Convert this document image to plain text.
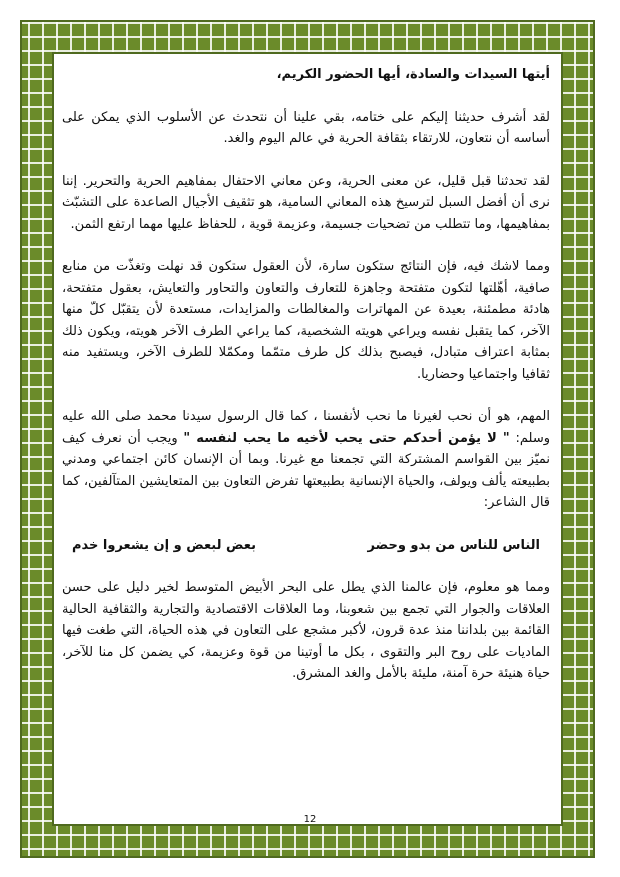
أيتها السيدات والسادة، أيها الحضور الكريم،

لقد أشرف حديثنا إليكم على ختامه، بقي علينا أن نتحدث عن الأسلوب الذي يمكن على أساسه أن نتعاون، للارتقاء بثقافة الحرية في عالم اليوم والغد.

لقد تحدثنا قبل قليل، عن معنى الحرية، وعن معاني الاحتفال بمفاهيم الحرية والتحرير. إننا نرى أن أفضل السبل لترسيخ هذه المعاني السامية، هو تثقيف الأجيال الصاعدة على التشبّث بمفاهيمها، وما تتطلب من تضحيات جسيمة، وعزيمة قوية ، للحفاظ عليها مهما ارتفع الثمن.

ومما لاشك فيه، فإن النتائج ستكون سارة، لأن العقول ستكون قد نهلت وتغذّت من منابع صافية، أهّلتها لتكون متفتحة وجاهزة للتعارف والتعاون والتحاور والتعايش، بعقول متفتحة، هادئة مطمئنة، بعيدة عن المهاترات والمغالطات والمزايدات، مستعدة لأن يتقبّل كلّ منها الآخر، كما يتقبل نفسه ويراعي هويته الشخصية، كما يراعي الطرف الآخر هويته، ويكون ذلك بمثابة اعتراف متبادل، فيصبح بذلك كل طرف متمّما ومكمّلا للطرف الآخر، ويستفيد منه ثقافيا واجتماعيا وحضاريا.

المهم، هو أن نحب لغيرنا ما نحب لأنفسنا ، كما قال الرسول سيدنا محمد صلى الله عليه وسلم: " لا يؤمن أحدكم حتى يحب لأخيه ما يحب لنفسه " ويجب أن نعرف كيف نميّز بين القواسم المشتركة التي تجمعنا مع غيرنا. وبما أن الإنسان كائن اجتماعي ومدني بطبيعته يألف ويولف، والحياة الإنسانية بطبيعتها تفرض التعاون بين المتعايشين المتآلفين، كما قال الشاعر:

الناس للناس من بدو وحضر
بعض لبعض و إن يشعروا خدم

ومما هو معلوم، فإن عالمنا الذي يطل على البحر الأبيض المتوسط لخير دليل على حسن العلاقات والجوار التي تجمع بين شعوبنا، وما العلاقات الاقتصادية والتجارية والثقافية الحالية القائمة بين بلداننا منذ عدة قرون، لأكبر مشجع على التعاون في هذه الحياة، التي طغت فيها الماديات على روح البر والتقوى ، بكل ما أوتينا من قوة وعزيمة، كي يضمن كل منا للآخر، حياة هنيئة حرة آمنة، مليئة بالأمل والغد المشرق.

12
